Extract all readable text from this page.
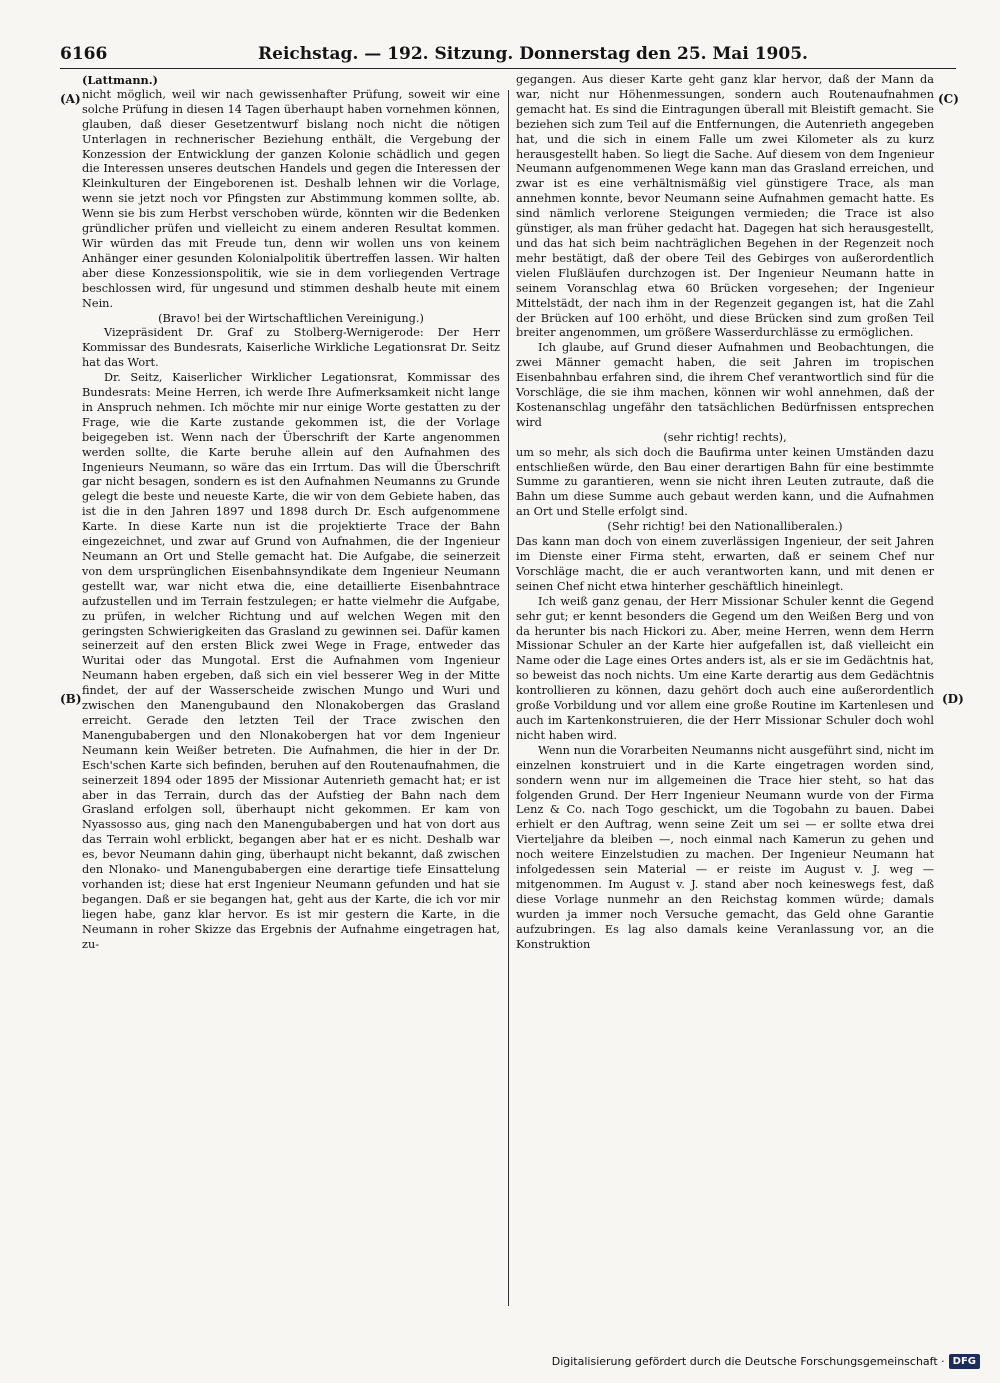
6166	Reichstag. — 192. Sitzung. Donnerstag den 25. Mai 1905.
(A)
(B)
(C)
(D)

(Lattmann.)

nicht möglich, weil wir nach gewissenhafter Prüfung, soweit wir eine solche Prüfung in diesen 14 Tagen überhaupt haben vornehmen können, glauben, daß dieser Gesetzentwurf bislang noch nicht die nötigen Unterlagen in rechnerischer Beziehung enthält, die Vergebung der Konzession der Entwicklung der ganzen Kolonie schädlich und gegen die Interessen unseres deutschen Handels und gegen die Interessen der Kleinkulturen der Eingeborenen ist. Deshalb lehnen wir die Vorlage, wenn sie jetzt noch vor Pfingsten zur Abstimmung kommen sollte, ab. Wenn sie bis zum Herbst verschoben würde, könnten wir die Bedenken gründlicher prüfen und vielleicht zu einem anderen Resultat kommen. Wir würden das mit Freude tun, denn wir wollen uns von keinem Anhänger einer gesunden Kolonialpolitik übertreffen lassen. Wir halten aber diese Konzessionspolitik, wie sie in dem vorliegenden Vertrage beschlossen wird, für ungesund und stimmen deshalb heute mit einem Nein.

(Bravo! bei der Wirtschaftlichen Vereinigung.)

Vizepräsident Dr. Graf zu Stolberg-Wernigerode: Der Herr Kommissar des Bundesrats, Kaiserliche Wirkliche Legationsrat Dr. Seitz hat das Wort.

Dr. Seitz, Kaiserlicher Wirklicher Legationsrat, Kommissar des Bundesrats: Meine Herren, ich werde Ihre Aufmerksamkeit nicht lange in Anspruch nehmen. Ich möchte mir nur einige Worte gestatten zu der Frage, wie die Karte zustande gekommen ist, die der Vorlage beigegeben ist. Wenn nach der Überschrift der Karte angenommen werden sollte, die Karte beruhe allein auf den Aufnahmen des Ingenieurs Neumann, so wäre das ein Irrtum. Das will die Überschrift gar nicht besagen, sondern es ist den Aufnahmen Neumanns zu Grunde gelegt die beste und neueste Karte, die wir von dem Gebiete haben, das ist die in den Jahren 1897 und 1898 durch Dr. Esch aufgenommene Karte. In diese Karte nun ist die projektierte Trace der Bahn eingezeichnet, und zwar auf Grund von Aufnahmen, die der Ingenieur Neumann an Ort und Stelle gemacht hat. Die Aufgabe, die seinerzeit von dem ursprünglichen Eisenbahnsyndikate dem Ingenieur Neumann gestellt war, war nicht etwa die, eine detaillierte Eisenbahntrace aufzustellen und im Terrain festzulegen; er hatte vielmehr die Aufgabe, zu prüfen, in welcher Richtung und auf welchen Wegen mit den geringsten Schwierigkeiten das Grasland zu gewinnen sei. Dafür kamen seinerzeit auf den ersten Blick zwei Wege in Frage, entweder das Wuritai oder das Mungotal. Erst die Aufnahmen vom Ingenieur Neumann haben ergeben, daß sich ein viel besserer Weg in der Mitte findet, der auf der Wasserscheide zwischen Mungo und Wuri und zwischen den Manengubaund den Nlonakobergen das Grasland erreicht. Gerade den letzten Teil der Trace zwischen den Manengubabergen und den Nlonakobergen hat vor dem Ingenieur Neumann kein Weißer betreten. Die Aufnahmen, die hier in der Dr. Esch'schen Karte sich befinden, beruhen auf den Routenaufnahmen, die seinerzeit 1894 oder 1895 der Missionar Autenrieth gemacht hat; er ist aber in das Terrain, durch das der Aufstieg der Bahn nach dem Grasland erfolgen soll, überhaupt nicht gekommen. Er kam von Nyassosso aus, ging nach den Manengubabergen und hat von dort aus das Terrain wohl erblickt, begangen aber hat er es nicht. Deshalb war es, bevor Neumann dahin ging, überhaupt nicht bekannt, daß zwischen den Nlonako- und Manengubabergen eine derartige tiefe Einsattelung vorhanden ist; diese hat erst Ingenieur Neumann gefunden und hat sie begangen. Daß er sie begangen hat, geht aus der Karte, die ich vor mir liegen habe, ganz klar hervor. Es ist mir gestern die Karte, in die Neumann in roher Skizze das Ergebnis der Aufnahme eingetragen hat, zu-

gegangen. Aus dieser Karte geht ganz klar hervor, daß der Mann da war, nicht nur Höhenmessungen, sondern auch Routenaufnahmen gemacht hat. Es sind die Eintragungen überall mit Bleistift gemacht. Sie beziehen sich zum Teil auf die Entfernungen, die Autenrieth angegeben hat, und die sich in einem Falle um zwei Kilometer als zu kurz herausgestellt haben. So liegt die Sache. Auf diesem von dem Ingenieur Neumann aufgenommenen Wege kann man das Grasland erreichen, und zwar ist es eine verhältnismäßig viel günstigere Trace, als man annehmen konnte, bevor Neumann seine Aufnahmen gemacht hatte. Es sind nämlich verlorene Steigungen vermieden; die Trace ist also günstiger, als man früher gedacht hat. Dagegen hat sich herausgestellt, und das hat sich beim nachträglichen Begehen in der Regenzeit noch mehr bestätigt, daß der obere Teil des Gebirges von außerordentlich vielen Flußläufen durchzogen ist. Der Ingenieur Neumann hatte in seinem Voranschlag etwa 60 Brücken vorgesehen; der Ingenieur Mittelstädt, der nach ihm in der Regenzeit gegangen ist, hat die Zahl der Brücken auf 100 erhöht, und diese Brücken sind zum großen Teil breiter angenommen, um größere Wasserdurchlässe zu ermöglichen.

Ich glaube, auf Grund dieser Aufnahmen und Beobachtungen, die zwei Männer gemacht haben, die seit Jahren im tropischen Eisenbahnbau erfahren sind, die ihrem Chef verantwortlich sind für die Vorschläge, die sie ihm machen, können wir wohl annehmen, daß der Kostenanschlag ungefähr den tatsächlichen Bedürfnissen entsprechen wird

(sehr richtig! rechts),

um so mehr, als sich doch die Baufirma unter keinen Umständen dazu entschließen würde, den Bau einer derartigen Bahn für eine bestimmte Summe zu garantieren, wenn sie nicht ihren Leuten zutraute, daß die Bahn um diese Summe auch gebaut werden kann, und die Aufnahmen an Ort und Stelle erfolgt sind.

(Sehr richtig! bei den Nationalliberalen.)

Das kann man doch von einem zuverlässigen Ingenieur, der seit Jahren im Dienste einer Firma steht, erwarten, daß er seinem Chef nur Vorschläge macht, die er auch verantworten kann, und mit denen er seinen Chef nicht etwa hinterher geschäftlich hineinlegt.

Ich weiß ganz genau, der Herr Missionar Schuler kennt die Gegend sehr gut; er kennt besonders die Gegend um den Weißen Berg und von da herunter bis nach Hickori zu. Aber, meine Herren, wenn dem Herrn Missionar Schuler an der Karte hier aufgefallen ist, daß vielleicht ein Name oder die Lage eines Ortes anders ist, als er sie im Gedächtnis hat, so beweist das noch nichts. Um eine Karte derartig aus dem Gedächtnis kontrollieren zu können, dazu gehört doch auch eine außerordentlich große Vorbildung und vor allem eine große Routine im Kartenlesen und auch im Kartenkonstruieren, die der Herr Missionar Schuler doch wohl nicht haben wird.

Wenn nun die Vorarbeiten Neumanns nicht ausgeführt sind, nicht im einzelnen konstruiert und in die Karte eingetragen worden sind, sondern wenn nur im allgemeinen die Trace hier steht, so hat das folgenden Grund. Der Herr Ingenieur Neumann wurde von der Firma Lenz & Co. nach Togo geschickt, um die Togobahn zu bauen. Dabei erhielt er den Auftrag, wenn seine Zeit um sei — er sollte etwa drei Vierteljahre da bleiben —, noch einmal nach Kamerun zu gehen und noch weitere Einzelstudien zu machen. Der Ingenieur Neumann hat infolgedessen sein Material — er reiste im August v. J. weg — mitgenommen. Im August v. J. stand aber noch keineswegs fest, daß diese Vorlage nunmehr an den Reichstag kommen würde; damals wurden ja immer noch Versuche gemacht, das Geld ohne Garantie aufzubringen. Es lag also damals keine Veranlassung vor, an die Konstruktion

Digitalisierung gefördert durch die Deutsche Forschungsgemeinschaft · DFG
